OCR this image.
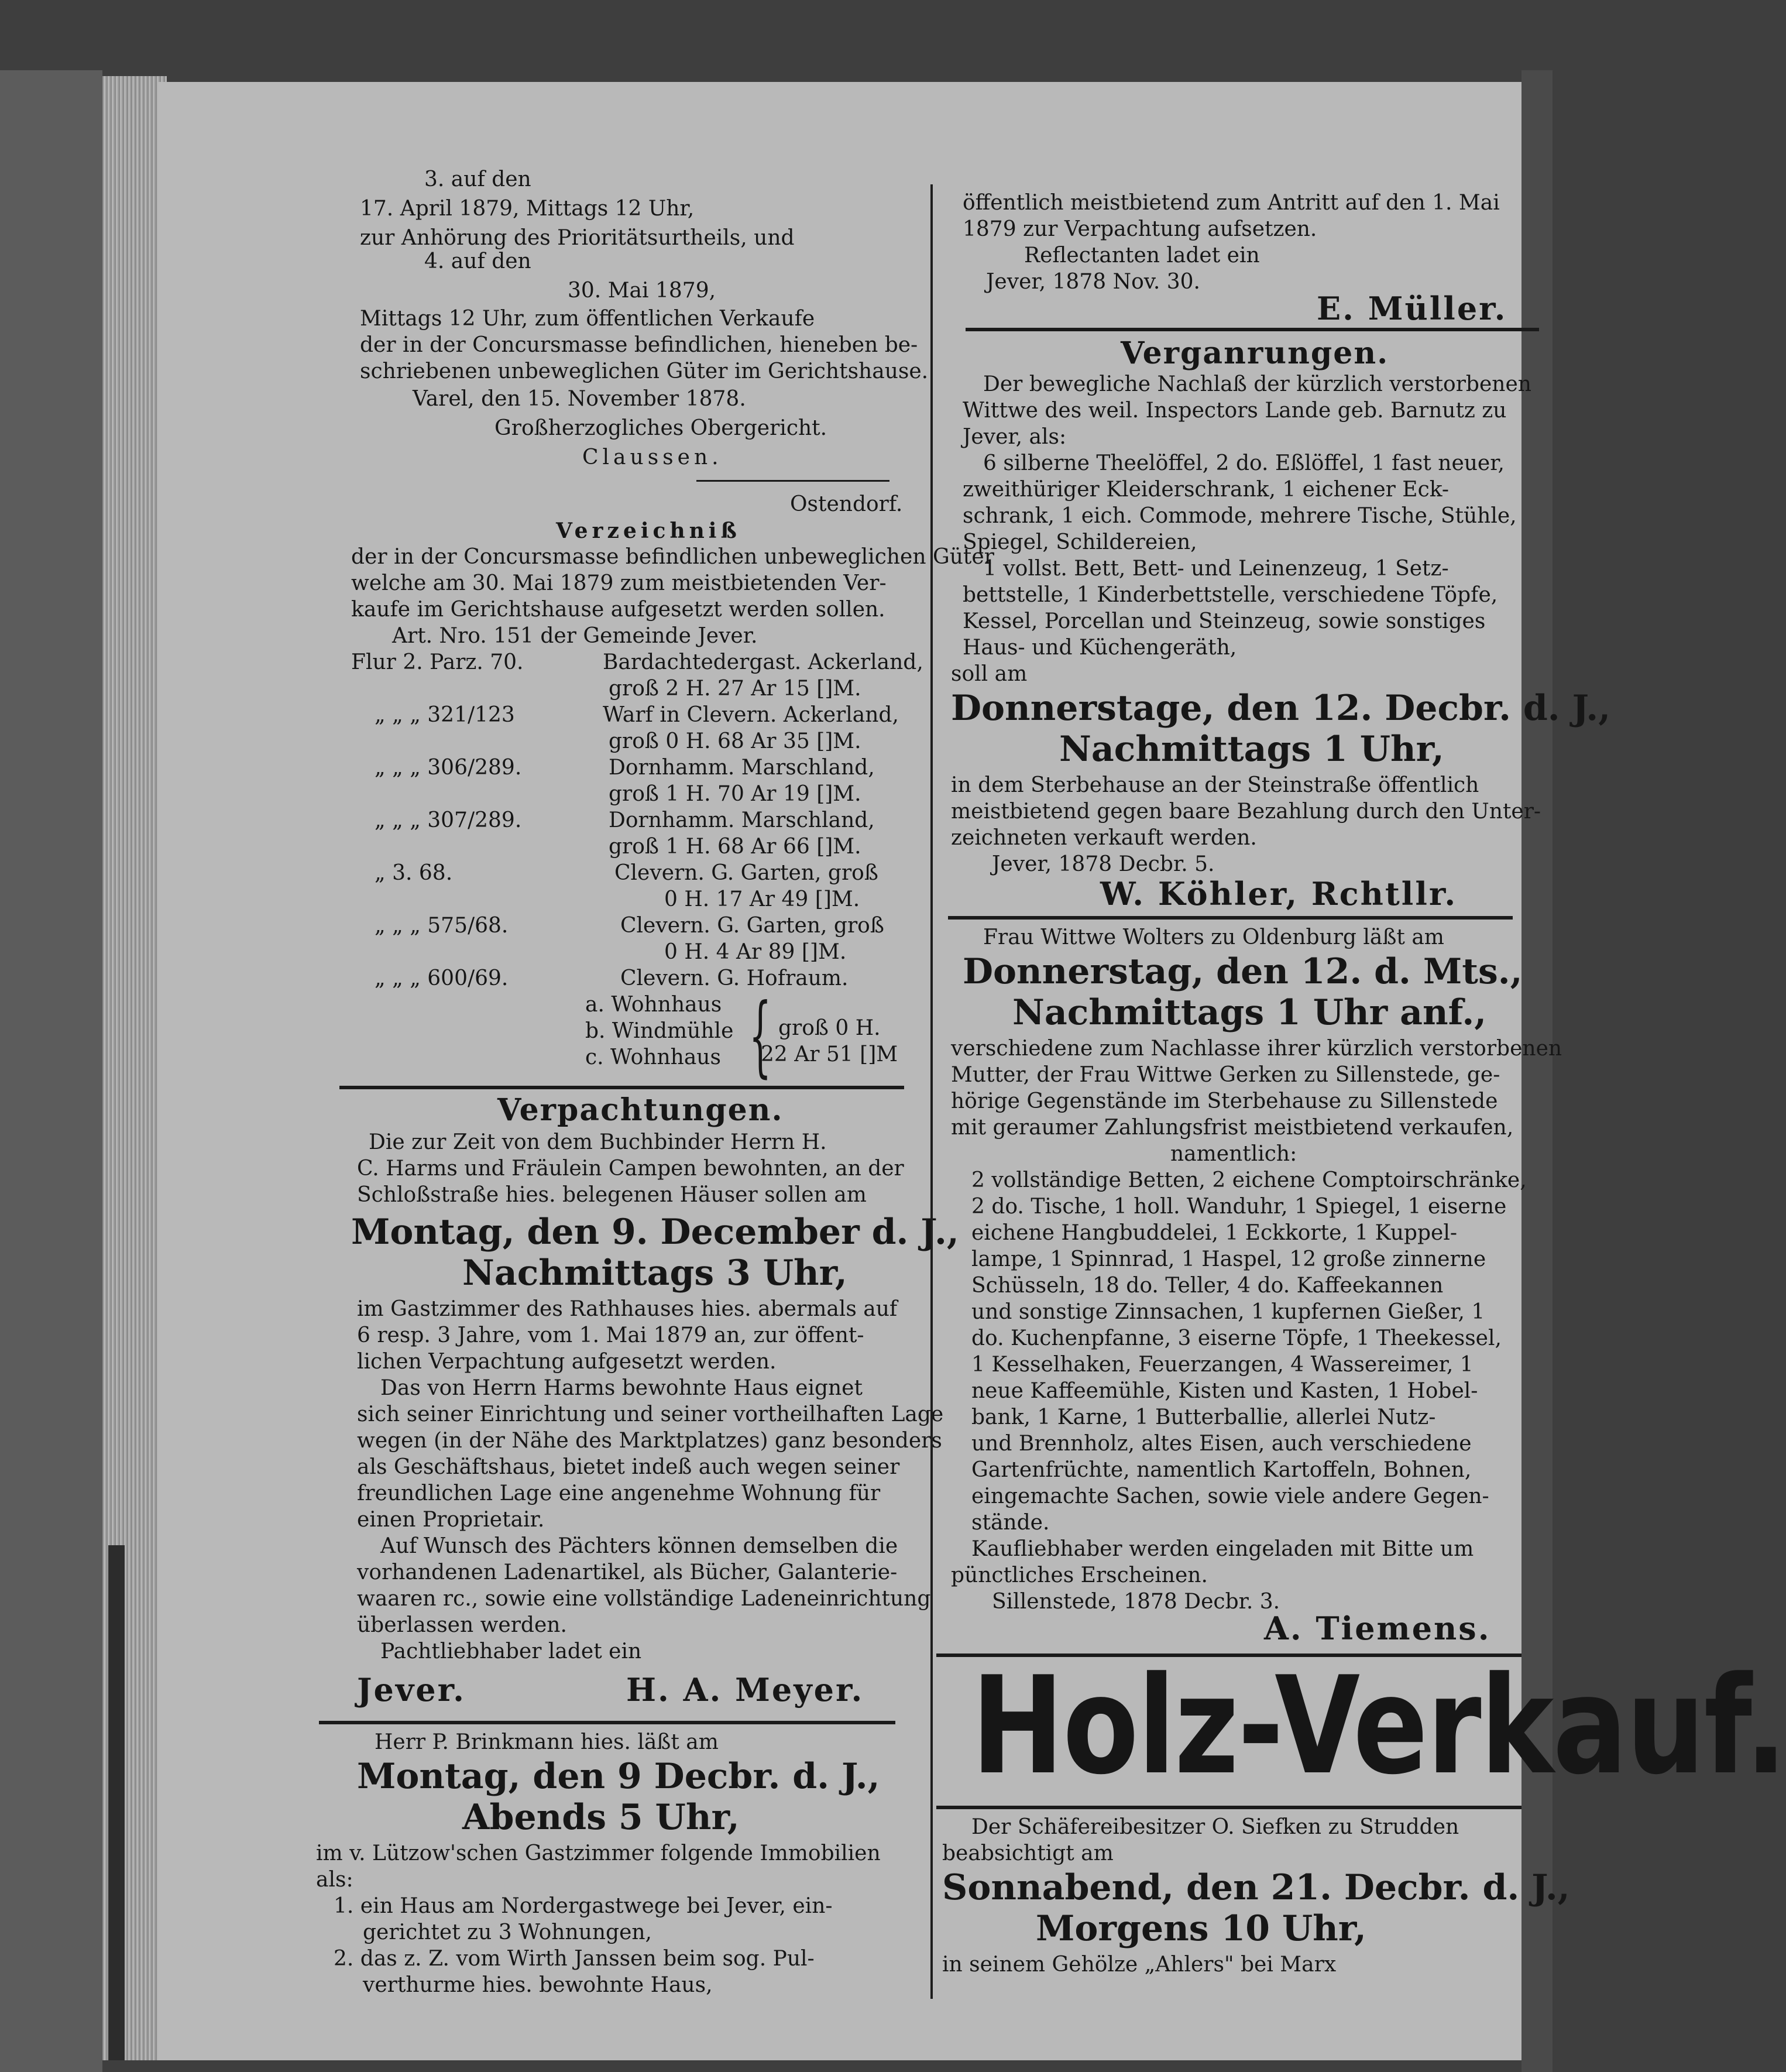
3. auf den
17. April 1879, Mittags 12 Uhr,
zur Anhörung des Prioritätsurtheils, und
4. auf den
30. Mai 1879,
Mittags 12 Uhr, zum öffentlichen Verkaufe
der in der Concursmasse befindlichen, hieneben be-
schriebenen unbeweglichen Güter im Gerichtshause.
Varel, den 15. November 1878.
Großherzogliches Obergericht.
Claussen.
Ostendorf.
Verzeichniß
der in der Concursmasse befindlichen unbeweglichen Güter
welche am 30. Mai 1879 zum meistbietenden Ver-
kaufe im Gerichtshause aufgesetzt werden sollen.
Art. Nro. 151 der Gemeinde Jever.
Flur 2. Parz. 70.	Bardachtedergast. Ackerland,
groß 2 H. 27 Ar 15 []M.
„ „ „ 321/123	Warf in Clevern. Ackerland,
groß 0 H. 68 Ar 35 []M.
„ „ „ 306/289.	Dornhamm. Marschland,
groß 1 H. 70 Ar 19 []M.
„ „ „ 307/289.	Dornhamm. Marschland,
groß 1 H. 68 Ar 66 []M.
„ 3. 68.	Clevern. G. Garten, groß
0 H. 17 Ar 49 []M.
„ „ „ 575/68.	Clevern. G. Garten, groß
0 H. 4 Ar 89 []M.
„ „ „ 600/69.	Clevern. G. Hofraum.
a. Wohnhaus
b. Windmühle
c. Wohnhaus { groß 0 H.
22 Ar 51 []M
Verpachtungen.
Die zur Zeit von dem Buchbinder Herrn H.
C. Harms und Fräulein Campen bewohnten, an der
Schloßstraße hies. belegenen Häuser sollen am
Montag, den 9. December d. J.,
Nachmittags 3 Uhr,
im Gastzimmer des Rathhauses hies. abermals auf
6 resp. 3 Jahre, vom 1. Mai 1879 an, zur öffent-
lichen Verpachtung aufgesetzt werden.
Das von Herrn Harms bewohnte Haus eignet
sich seiner Einrichtung und seiner vortheilhaften Lage
wegen (in der Nähe des Marktplatzes) ganz besonders
als Geschäftshaus, bietet indeß auch wegen seiner
freundlichen Lage eine angenehme Wohnung für
einen Proprietair.
Auf Wunsch des Pächters können demselben die
vorhandenen Ladenartikel, als Bücher, Galanterie-
waaren rc., sowie eine vollständige Ladeneinrichtung
überlassen werden.
Pachtliebhaber ladet ein
Jever.	H. A. Meyer.
Herr P. Brinkmann hies. läßt am
Montag, den 9 Decbr. d. J.,
Abends 5 Uhr,
im v. Lützow'schen Gastzimmer folgende Immobilien
als:
1. ein Haus am Nordergastwege bei Jever, ein-
gerichtet zu 3 Wohnungen,
2. das z. Z. vom Wirth Janssen beim sog. Pul-
verthurme hies. bewohnte Haus,
öffentlich meistbietend zum Antritt auf den 1. Mai
1879 zur Verpachtung aufsetzen.
Reflectanten ladet ein
Jever, 1878 Nov. 30.
E. Müller.
Verganrungen.
Der bewegliche Nachlaß der kürzlich verstorbenen
Wittwe des weil. Inspectors Lande geb. Barnutz zu
Jever, als:
6 silberne Theelöffel, 2 do. Eßlöffel, 1 fast neuer,
zweithüriger Kleiderschrank, 1 eichener Eck-
schrank, 1 eich. Commode, mehrere Tische, Stühle,
Spiegel, Schildereien,
1 vollst. Bett, Bett- und Leinenzeug, 1 Setz-
bettstelle, 1 Kinderbettstelle, verschiedene Töpfe,
Kessel, Porcellan und Steinzeug, sowie sonstiges
Haus- und Küchengeräth,
soll am
Donnerstage, den 12. Decbr. d. J.,
Nachmittags 1 Uhr,
in dem Sterbehause an der Steinstraße öffentlich
meistbietend gegen baare Bezahlung durch den Unter-
zeichneten verkauft werden.
Jever, 1878 Decbr. 5.
W. Köhler, Rchtllr.
Frau Wittwe Wolters zu Oldenburg läßt am
Donnerstag, den 12. d. Mts.,
Nachmittags 1 Uhr anf.,
verschiedene zum Nachlasse ihrer kürzlich verstorbenen
Mutter, der Frau Wittwe Gerken zu Sillenstede, ge-
hörige Gegenstände im Sterbehause zu Sillenstede
mit geraumer Zahlungsfrist meistbietend verkaufen,
namentlich:
2 vollständige Betten, 2 eichene Comptoirschränke,
2 do. Tische, 1 holl. Wanduhr, 1 Spiegel, 1 eiserne
eichene Hangbuddelei, 1 Eckkorte, 1 Kuppel-
lampe, 1 Spinnrad, 1 Haspel, 12 große zinnerne
Schüsseln, 18 do. Teller, 4 do. Kaffeekannen
und sonstige Zinnsachen, 1 kupfernen Gießer, 1
do. Kuchenpfanne, 3 eiserne Töpfe, 1 Theekessel,
1 Kesselhaken, Feuerzangen, 4 Wassereimer, 1
neue Kaffeemühle, Kisten und Kasten, 1 Hobel-
bank, 1 Karne, 1 Butterballie, allerlei Nutz-
und Brennholz, altes Eisen, auch verschiedene
Gartenfrüchte, namentlich Kartoffeln, Bohnen,
eingemachte Sachen, sowie viele andere Gegen-
stände.
Kaufliebhaber werden eingeladen mit Bitte um
pünctliches Erscheinen.
Sillenstede, 1878 Decbr. 3.
A. Tiemens.
Holz-Verkauf.
Der Schäfereibesitzer O. Siefken zu Strudden
beabsichtigt am
Sonnabend, den 21. Decbr. d. J.,
Morgens 10 Uhr,
in seinem Gehölze „Ahlers" bei Marx
